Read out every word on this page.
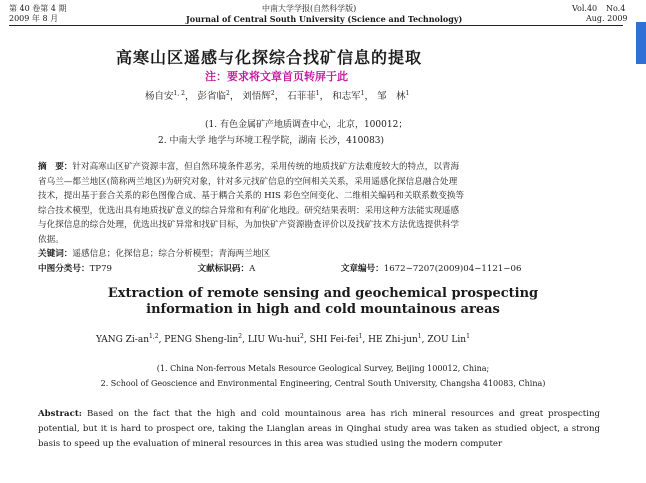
第 40 卷第 4 期
2009 年 8 月
中南大学学报(自然科学版)
Journal of Central South University (Science and Technology)
Vol.40 No.4
Aug. 2009
高寒山区遥感与化探综合找矿信息的提取
注：要求将文章首页转屏于此
杨自安$^{1, 2}$， 彭省临$^2$， 刘悟辉$^2$， 石菲菲$^1$， 和志军$^1$， 邹　林$^1$
(1. 有色金属矿产地质调查中心，北京，100012；
2. 中南大学 地学与环境工程学院，湖南 长沙，410083)
摘　要：针对高寒山区矿产资源丰富，但自然环境条件恶劣，采用传统的地质找矿方法难度较大的特点，以青海
省乌兰—都兰地区(简称两兰地区)为研究对象，针对多元找矿信息的空间相关关系，采用遥感化探信息融合处理
技术，提出基于套合关系的彩色图像合成、基于耦合关系的 HIS 彩色空间变化、二维相关编码和关联系数变换等
综合技术模型，优选出具有地质找矿意义的综合异常和有利矿化地段。研究结果表明：采用这种方法能实现遥感
与化探信息的综合处理，优选出找矿异常和找矿目标，为加快矿产资源勘查评价以及找矿技术方法优选提供科学
依据。
关键词：遥感信息；化探信息；综合分析模型；青海两兰地区
中图分类号：TP79	文献标识码：A	文章编号：1672−7207(2009)04−1121−06
Extraction of remote sensing and geochemical prospecting
information in high and cold mountainous areas
YANG Zi-an$^{1,2}$, PENG Sheng-lin$^2$, LIU Wu-hui$^2$, SHI Fei-fei$^1$, HE Zhi-jun$^1$, ZOU Lin$^1$
(1. China Non-ferrous Metals Resource Geological Survey, Beijing 100012, China;
2. School of Geoscience and Environmental Engineering, Central South University, Changsha 410083, China)
Abstract: Based on the fact that the high and cold mountainous area has rich mineral resources and great prospecting potential, but it is hard to prospect ore, taking the Lianglan areas in Qinghai study area was taken as studied object, a strong basis to speed up the evaluation of mineral resources in this area was studied using the modern computer
